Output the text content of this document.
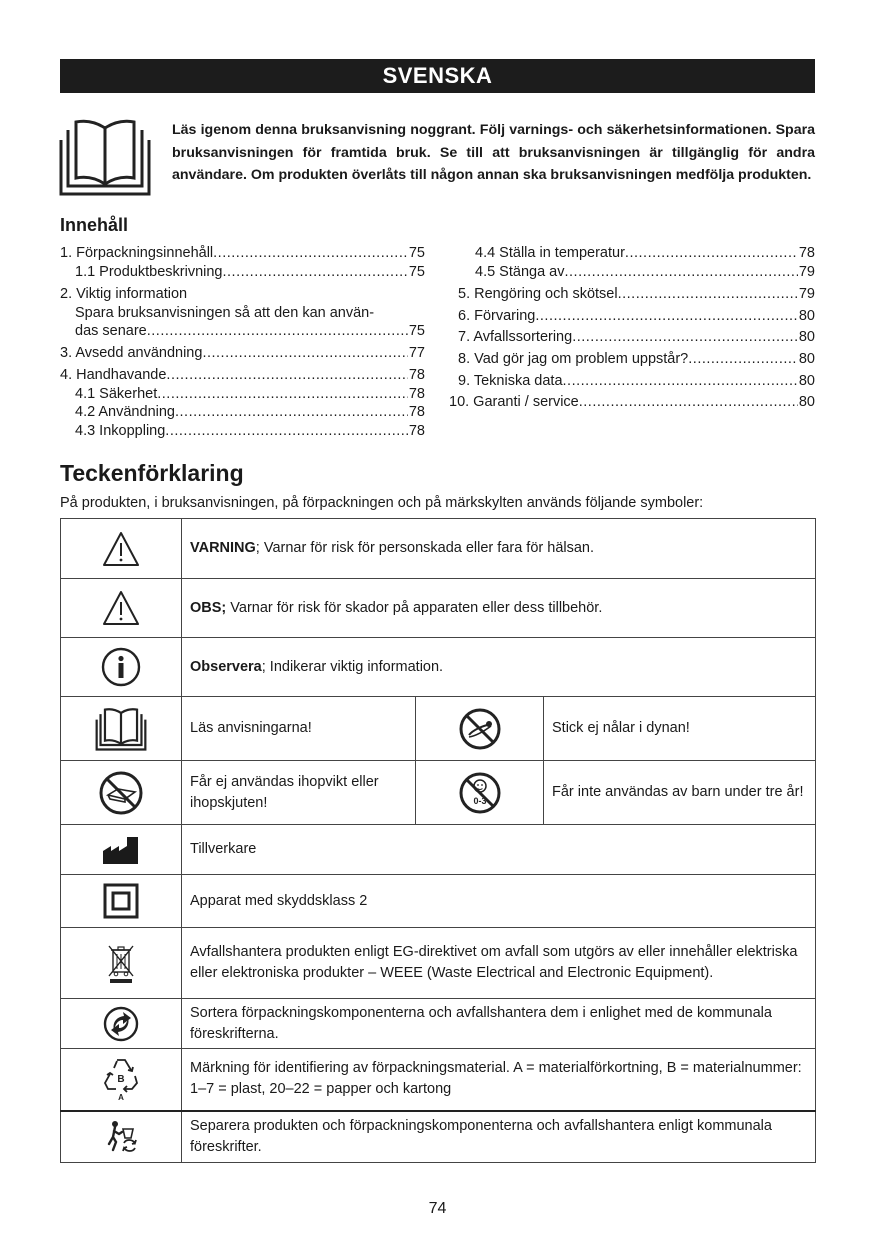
SVENSKA
Läs igenom denna bruksanvisning noggrant. Följ varnings- och säkerhetsinformationen. Spara bruksanvisningen för framtida bruk. Se till att bruksanvisningen är tillgänglig för andra användare. Om produkten överlåts till någon annan ska bruksanvisningen medfölja produkten.
Innehåll
1. Förpackningsinnehåll .....	75
1.1 Produktbeskrivning .....	75
2. Viktig information
Spara bruksanvisningen så att den kan använ-
das senare .....	75
3. Avsedd användning .....	77
4. Handhavande .....	78
4.1 Säkerhet .....	78
4.2 Användning .....	78
4.3 Inkoppling .....	78
4.4 Ställa in temperatur .....	78
4.5 Stänga av .....	79
5. Rengöring och skötsel .....	79
6. Förvaring .....	80
7. Avfallssortering .....	80
8. Vad gör jag om problem uppstår? .....	80
9. Tekniska data .....	80
10. Garanti / service .....	80
Teckenförklaring
På produkten, i bruksanvisningen, på förpackningen och på märkskylten används följande symboler:
	VARNING; Varnar för risk för personskada eller fara för hälsan.		

	OBS; Varnar för risk för skador på apparaten eller dess tillbehör.		

	Observera; Indikerar viktig information.		

	Läs anvisningarna!		Stick ej nålar i dynan!

	Får ej användas ihopvikt eller ihopskjuten!	0-3	Får inte användas av barn under tre år!

	Tillverkare		

	Apparat med skyddsklass 2		

	Avfallshantera produkten enligt EG-direktivet om avfall som utgörs av eller innehåller elektriska eller elektroniska produkter – WEEE (Waste Electrical and Electronic Equipment).		

	Sortera förpackningskomponenterna och avfallshantera dem i enlighet med de kommunala föreskrifterna.		

B
A	Märkning för identifiering av förpackningsmaterial. A = materialförkortning, B = materialnummer: 1–7 = plast, 20–22 = papper och kartong		

	Separera produkten och förpackningskomponenterna och avfallshantera enligt kommunala föreskrifter.		
74
